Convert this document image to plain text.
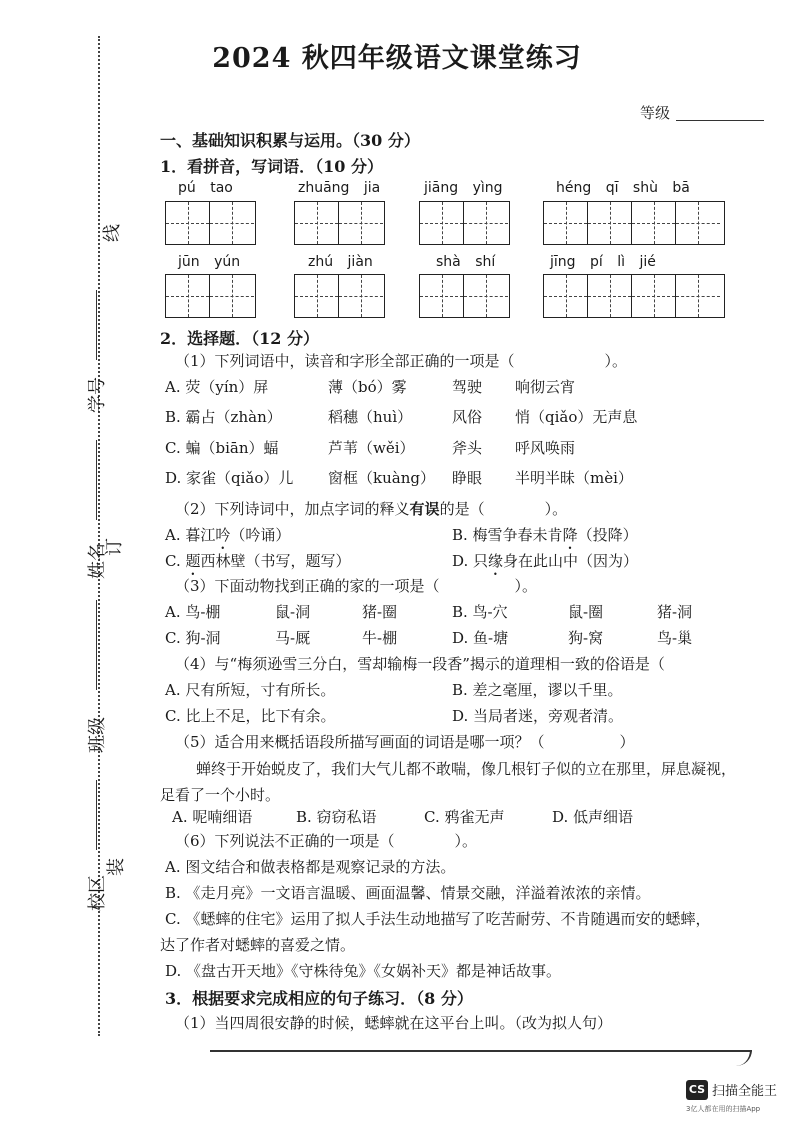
线
学号
姓名
订
班级
校区
装
2024 秋四年级语文课堂练习
等级
一、基础知识积累与运用。（30 分）
1．看拼音，写词语．（10 分）
pú tao	zhuāng jia	jiāng yìng	héng qī shù bā
jūn yún	zhú jiàn	shà shí	jīng pí lì jié
2．选择题．（12 分）
（1）下列词语中，读音和字形全部正确的一项是（　　　　　　）。
A. 荧（yín）屏	薄（bó）雾	驾驶 响彻云宵
B. 霸占（zhàn）	稻穗（huì）	风俗 悄（qiǎo）无声息
C. 蝙（biān）蝠	芦苇（wěi） 斧头 呼风唤雨
D. 家雀（qiǎo）儿 窗框（kuàng） 睁眼 半明半昧（mèi）
（2）下列诗词中，加点字词的释义有误的是（　　　　）。
A. 暮江吟（吟诵）	B. 梅雪争春未肯降（投降）
C. 题西林壁（书写，题写）	D. 只缘身在此山中（因为）
（3）下面动物找到正确的家的一项是（　　　　　）。
A. 鸟-棚	鼠-洞	猪-圈	B. 鸟-穴	鼠-圈	猪-洞
C. 狗-洞	马-厩	牛-棚	D. 鱼-塘	狗-窝	鸟-巢
（4）与“梅须逊雪三分白，雪却输梅一段香”揭示的道理相一致的俗语是（
A. 尺有所短，寸有所长。	B. 差之毫厘，谬以千里。
C. 比上不足，比下有余。	D. 当局者迷，旁观者清。
（5）适合用来概括语段所描写画面的词语是哪一项？（　　　　　）
蝉终于开始蜕皮了，我们大气儿都不敢喘，像几根钉子似的立在那里，屏息凝视，
足看了一个小时。
A. 呢喃细语	B. 窃窃私语	C. 鸦雀无声	D. 低声细语
（6）下列说法不正确的一项是（　　　　）。
A. 图文结合和做表格都是观察记录的方法。
B. 《走月亮》一文语言温暖、画面温馨、情景交融，洋溢着浓浓的亲情。
C. 《蟋蟀的住宅》运用了拟人手法生动地描写了吃苦耐劳、不肯随遇而安的蟋蟀，
达了作者对蟋蟀的喜爱之情。
D. 《盘古开天地》《守株待兔》《女娲补天》都是神话故事。
3．根据要求完成相应的句子练习．（8 分）
（1）当四周很安静的时候，蟋蟀就在这平台上叫。（改为拟人句）
CS 扫描全能王
3亿人都在用的扫描App
